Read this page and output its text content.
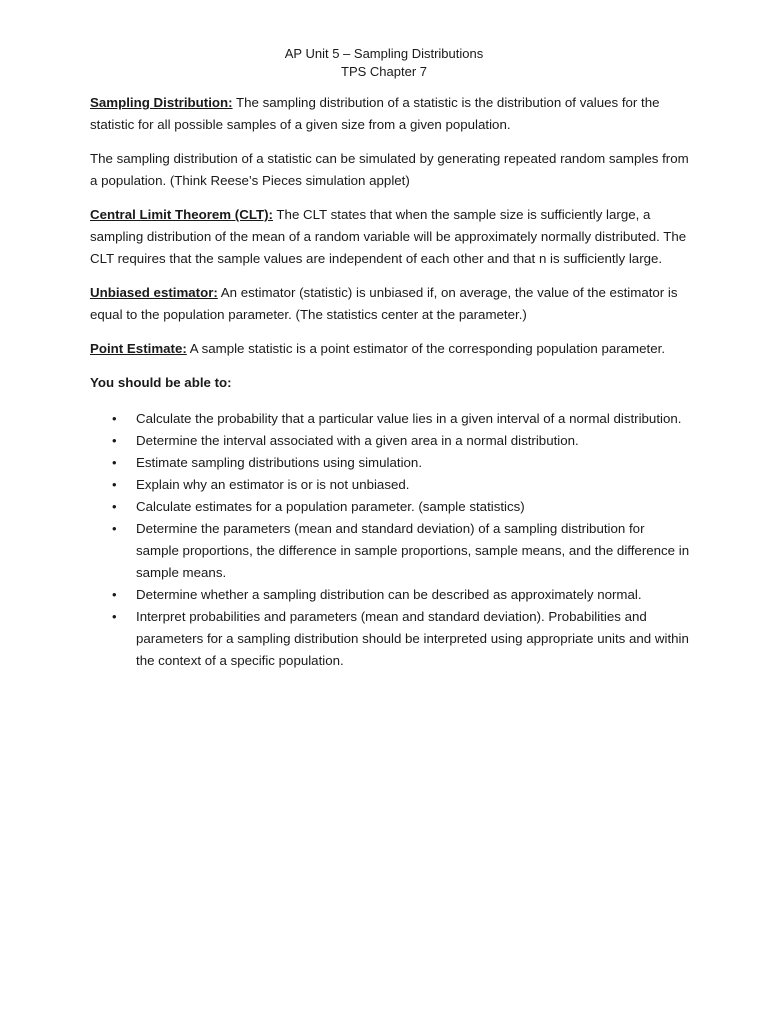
AP Unit 5 – Sampling Distributions
TPS Chapter 7

Sampling Distribution: The sampling distribution of a statistic is the distribution of values for the statistic for all possible samples of a given size from a given population.

The sampling distribution of a statistic can be simulated by generating repeated random samples from a population. (Think Reese’s Pieces simulation applet)

Central Limit Theorem (CLT): The CLT states that when the sample size is sufficiently large, a sampling distribution of the mean of a random variable will be approximately normally distributed. The CLT requires that the sample values are independent of each other and that n is sufficiently large.

Unbiased estimator: An estimator (statistic) is unbiased if, on average, the value of the estimator is equal to the population parameter. (The statistics center at the parameter.)

Point Estimate: A sample statistic is a point estimator of the corresponding population parameter.

You should be able to:

• Calculate the probability that a particular value lies in a given interval of a normal distribution.
• Determine the interval associated with a given area in a normal distribution.
• Estimate sampling distributions using simulation.
• Explain why an estimator is or is not unbiased.
• Calculate estimates for a population parameter. (sample statistics)
• Determine the parameters (mean and standard deviation) of a sampling distribution for sample proportions, the difference in sample proportions, sample means, and the difference in sample means.
• Determine whether a sampling distribution can be described as approximately normal.
• Interpret probabilities and parameters (mean and standard deviation). Probabilities and parameters for a sampling distribution should be interpreted using appropriate units and within the context of a specific population.
